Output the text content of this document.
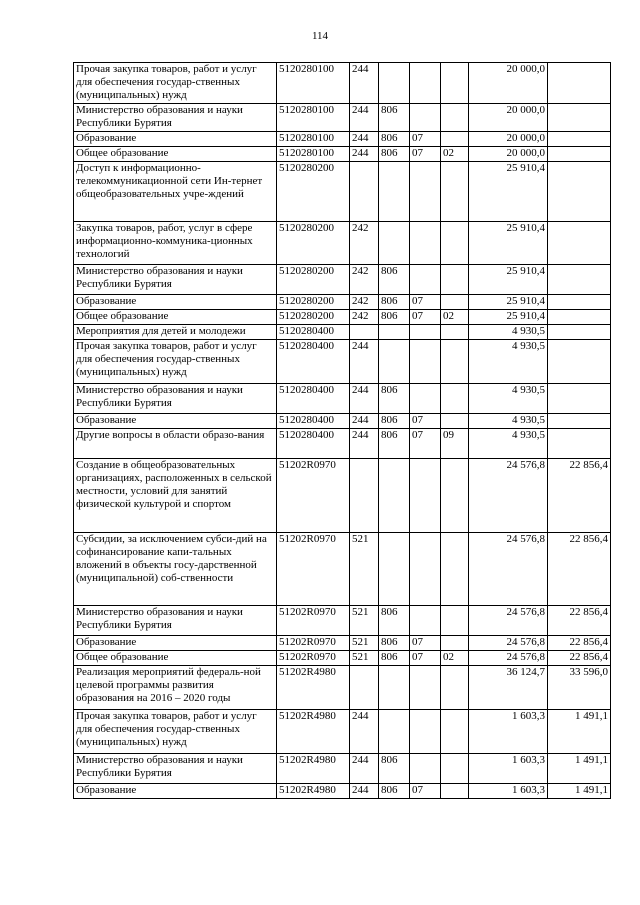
114
Прочая закупка товаров, работ и услуг для обеспечения государ-ственных (муниципальных) нужд	5120280100	244				20 000,0	
Министерство образования и науки Республики Бурятия	5120280100	244	806			20 000,0	
Образование	5120280100	244	806	07		20 000,0	
Общее образование	5120280100	244	806	07	02	20 000,0	
Доступ к информационно-телекоммуникационной сети Ин-тернет общеобразовательных учре-ждений	5120280200					25 910,4	
Закупка товаров, работ, услуг в сфере информационно-коммуника-ционных технологий	5120280200	242				25 910,4	
Министерство образования и науки Республики Бурятия	5120280200	242	806			25 910,4	
Образование	5120280200	242	806	07		25 910,4	
Общее образование	5120280200	242	806	07	02	25 910,4	
Мероприятия для детей и молодежи	5120280400					4 930,5	
Прочая закупка товаров, работ и услуг для обеспечения государ-ственных (муниципальных) нужд	5120280400	244				4 930,5	
Министерство образования и науки Республики Бурятия	5120280400	244	806			4 930,5	
Образование	5120280400	244	806	07		4 930,5	
Другие вопросы в области образо-вания	5120280400	244	806	07	09	4 930,5	
Создание в общеобразовательных организациях, расположенных в сельской местности, условий для занятий физической культурой и спортом	51202R0970					24 576,8	22 856,4
Субсидии, за исключением субси-дий на софинансирование капи-тальных вложений в объекты госу-дарственной (муниципальной) соб-ственности	51202R0970	521				24 576,8	22 856,4
Министерство образования и науки Республики Бурятия	51202R0970	521	806			24 576,8	22 856,4
Образование	51202R0970	521	806	07		24 576,8	22 856,4
Общее образование	51202R0970	521	806	07	02	24 576,8	22 856,4
Реализация мероприятий федераль-ной целевой программы развития образования на 2016 – 2020 годы	51202R4980					36 124,7	33 596,0
Прочая закупка товаров, работ и услуг для обеспечения государ-ственных (муниципальных) нужд	51202R4980	244				1 603,3	1 491,1
Министерство образования и науки Республики Бурятия	51202R4980	244	806			1 603,3	1 491,1
Образование	51202R4980	244	806	07		1 603,3	1 491,1
